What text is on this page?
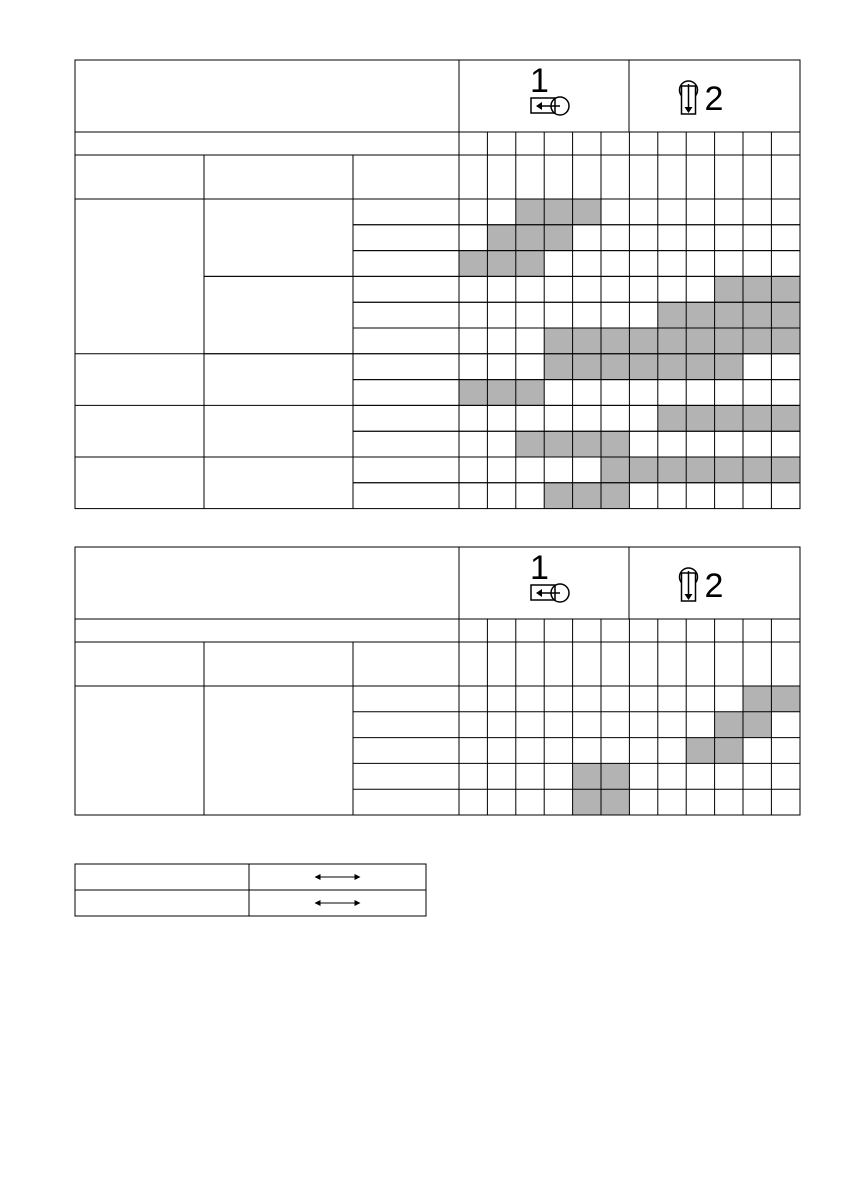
1	2
1	2
